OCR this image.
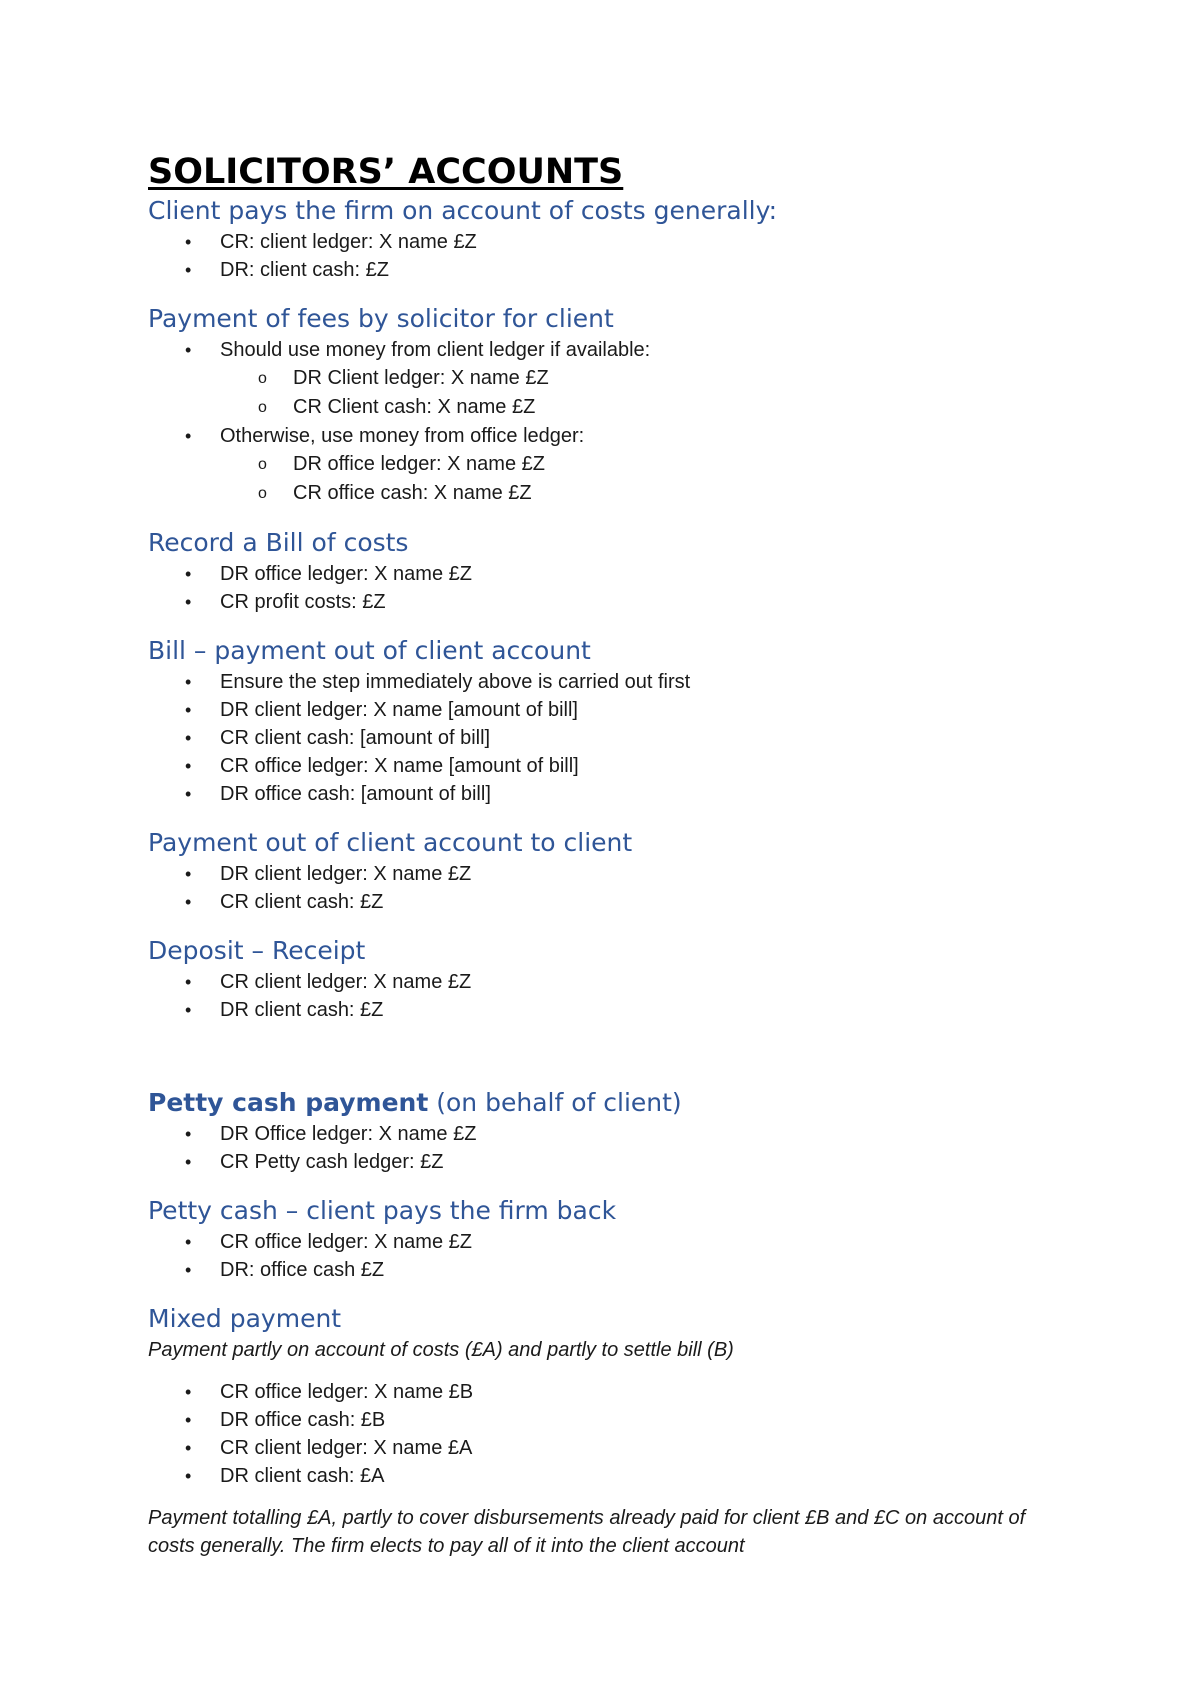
SOLICITORS’ ACCOUNTS
Client pays the firm on account of costs generally:
• CR: client ledger: X name £Z
• DR: client cash: £Z
Payment of fees by solicitor for client
• Should use money from client ledger if available:
o DR Client ledger: X name £Z
o CR Client cash: X name £Z
• Otherwise, use money from office ledger:
o DR office ledger: X name £Z
o CR office cash: X name £Z
Record a Bill of costs
• DR office ledger: X name £Z
• CR profit costs: £Z
Bill – payment out of client account
• Ensure the step immediately above is carried out first
• DR client ledger: X name [amount of bill]
• CR client cash: [amount of bill]
• CR office ledger: X name [amount of bill]
• DR office cash: [amount of bill]
Payment out of client account to client
• DR client ledger: X name £Z
• CR client cash: £Z
Deposit – Receipt
• CR client ledger: X name £Z
• DR client cash: £Z
Petty cash payment (on behalf of client)
• DR Office ledger: X name £Z
• CR Petty cash ledger: £Z
Petty cash – client pays the firm back
• CR office ledger: X name £Z
• DR: office cash £Z
Mixed payment

Payment partly on account of costs (£A) and partly to settle bill (B)

• CR office ledger: X name £B
• DR office cash: £B
• CR client ledger: X name £A
• DR client cash: £A

Payment totalling £A, partly to cover disbursements already paid for client £B and £C on account of costs generally. The firm elects to pay all of it into the client account
